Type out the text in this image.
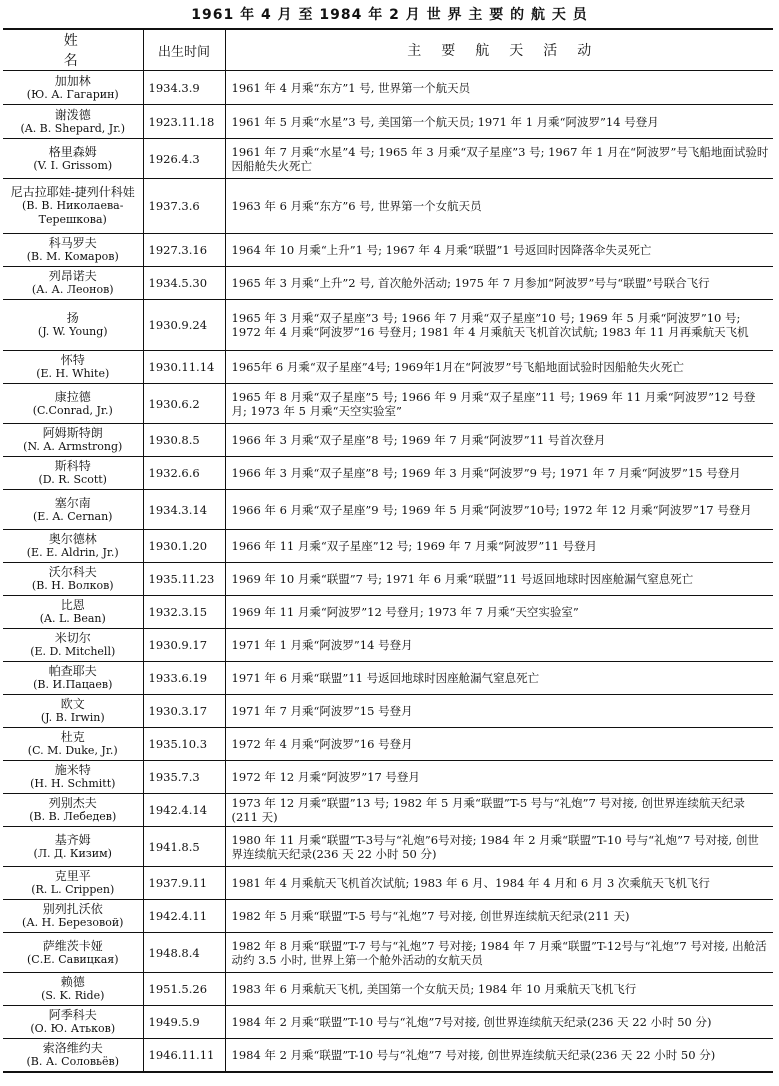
1961 年 4 月 至 1984 年 2 月 世 界 主 要 的 航 天 员
姓名	出生时间	主要航天活动

加加林
(Ю. А. Гагарин)	1934.3.9	1961 年 4 月乘“东方”1 号, 世界第一个航天员

谢泼德
(A. B. Shepard, Jr.)	1923.11.18	1961 年 5 月乘“水星”3 号, 美国第一个航天员; 1971 年 1 月乘“阿波罗”14 号登月

格里森姆
(V. I. Grissom)	1926.4.3	1961 年 7 月乘“水星”4 号; 1965 年 3 月乘“双子星座”3 号; 1967 年 1 月在“阿波罗”号飞船地面试验时因船舱失火死亡

尼古拉耶娃-捷列什科娃
(В. В. Николаева-Терешкова)	1937.3.6	1963 年 6 月乘“东方”6 号, 世界第一个女航天员

科马罗夫
(В. М. Комаров)	1927.3.16	1964 年 10 月乘“上升”1 号; 1967 年 4 月乘“联盟”1 号返回时因降落伞失灵死亡

列昂诺夫
(А. А. Леонов)	1934.5.30	1965 年 3 月乘“上升”2 号, 首次舱外活动; 1975 年 7 月参加“阿波罗”号与“联盟”号联合飞行

扬
(J. W. Young)	1930.9.24	1965 年 3 月乘“双子星座”3 号; 1966 年 7 月乘“双子星座”10 号; 1969 年 5 月乘“阿波罗”10 号; 1972 年 4 月乘“阿波罗”16 号登月; 1981 年 4 月乘航天飞机首次试航; 1983 年 11 月再乘航天飞机

怀特
(E. H. White)	1930.11.14	1965年 6 月乘“双子星座”4号; 1969年1月在“阿波罗”号飞船地面试验时因船舱失火死亡

康拉德
(C.Conrad, Jr.)	1930.6.2	1965 年 8 月乘“双子星座”5 号; 1966 年 9 月乘“双子星座”11 号; 1969 年 11 月乘“阿波罗”12 号登月; 1973 年 5 月乘“天空实验室”

阿姆斯特朗
(N. A. Armstrong)	1930.8.5	1966 年 3 月乘“双子星座”8 号; 1969 年 7 月乘“阿波罗”11 号首次登月

斯科特
(D. R. Scott)	1932.6.6	1966 年 3 月乘“双子星座”8 号; 1969 年 3 月乘“阿波罗”9 号; 1971 年 7 月乘“阿波罗”15 号登月

塞尔南
(E. A. Cernan)	1934.3.14	1966 年 6 月乘“双子星座”9 号; 1969 年 5 月乘“阿波罗”10号; 1972 年 12 月乘“阿波罗”17 号登月

奥尔德林
(E. E. Aldrin, Jr.)	1930.1.20	1966 年 11 月乘“双子星座”12 号; 1969 年 7 月乘“阿波罗”11 号登月

沃尔科夫
(В. Н. Волков)	1935.11.23	1969 年 10 月乘“联盟”7 号; 1971 年 6 月乘“联盟”11 号返回地球时因座舱漏气窒息死亡

比恩
(A. L. Bean)	1932.3.15	1969 年 11 月乘“阿波罗”12 号登月; 1973 年 7 月乘“天空实验室”

米切尔
(E. D. Mitchell)	1930.9.17	1971 年 1 月乘“阿波罗”14 号登月

帕查耶夫
(В. И.Пацаев)	1933.6.19	1971 年 6 月乘“联盟”11 号返回地球时因座舱漏气窒息死亡

欧文
(J. B. Irwin)	1930.3.17	1971 年 7 月乘“阿波罗”15 号登月

杜克
(C. M. Duke, Jr.)	1935.10.3	1972 年 4 月乘“阿波罗”16 号登月

施米特
(H. H. Schmitt)	1935.7.3	1972 年 12 月乘“阿波罗”17 号登月

列别杰夫
(В. В. Лебедев)	1942.4.14	1973 年 12 月乘“联盟”13 号; 1982 年 5 月乘“联盟”T-5 号与“礼炮”7 号对接, 创世界连续航天纪录(211 天)

基齐姆
(Л. Д. Кизим)	1941.8.5	1980 年 11 月乘“联盟”T-3号与“礼炮”6号对接; 1984 年 2 月乘“联盟”T-10 号与“礼炮”7 号对接, 创世界连续航天纪录(236 天 22 小时 50 分)

克里平
(R. L. Crippen)	1937.9.11	1981 年 4 月乘航天飞机首次试航; 1983 年 6 月、1984 年 4 月和 6 月 3 次乘航天飞机飞行

别列扎沃依
(А. Н. Березовой)	1942.4.11	1982 年 5 月乘“联盟”T-5 号与“礼炮”7 号对接, 创世界连续航天纪录(211 天)

萨维茨卡娅
(С.Е. Савицкая)	1948.8.4	1982 年 8 月乘“联盟”T-7 号与“礼炮”7 号对接; 1984 年 7 月乘“联盟”T-12号与“礼炮”7 号对接, 出舱活动约 3.5 小时, 世界上第一个舱外活动的女航天员

赖德
(S. K. Ride)	1951.5.26	1983 年 6 月乘航天飞机, 美国第一个女航天员; 1984 年 10 月乘航天飞机飞行

阿季科夫
(О. Ю. Атьков)	1949.5.9	1984 年 2 月乘“联盟”T-10 号与“礼炮”7号对接, 创世界连续航天纪录(236 天 22 小时 50 分)

索洛维约夫
(В. А. Соловьёв)	1946.11.11	1984 年 2 月乘“联盟”T-10 号与“礼炮”7 号对接, 创世界连续航天纪录(236 天 22 小时 50 分)
